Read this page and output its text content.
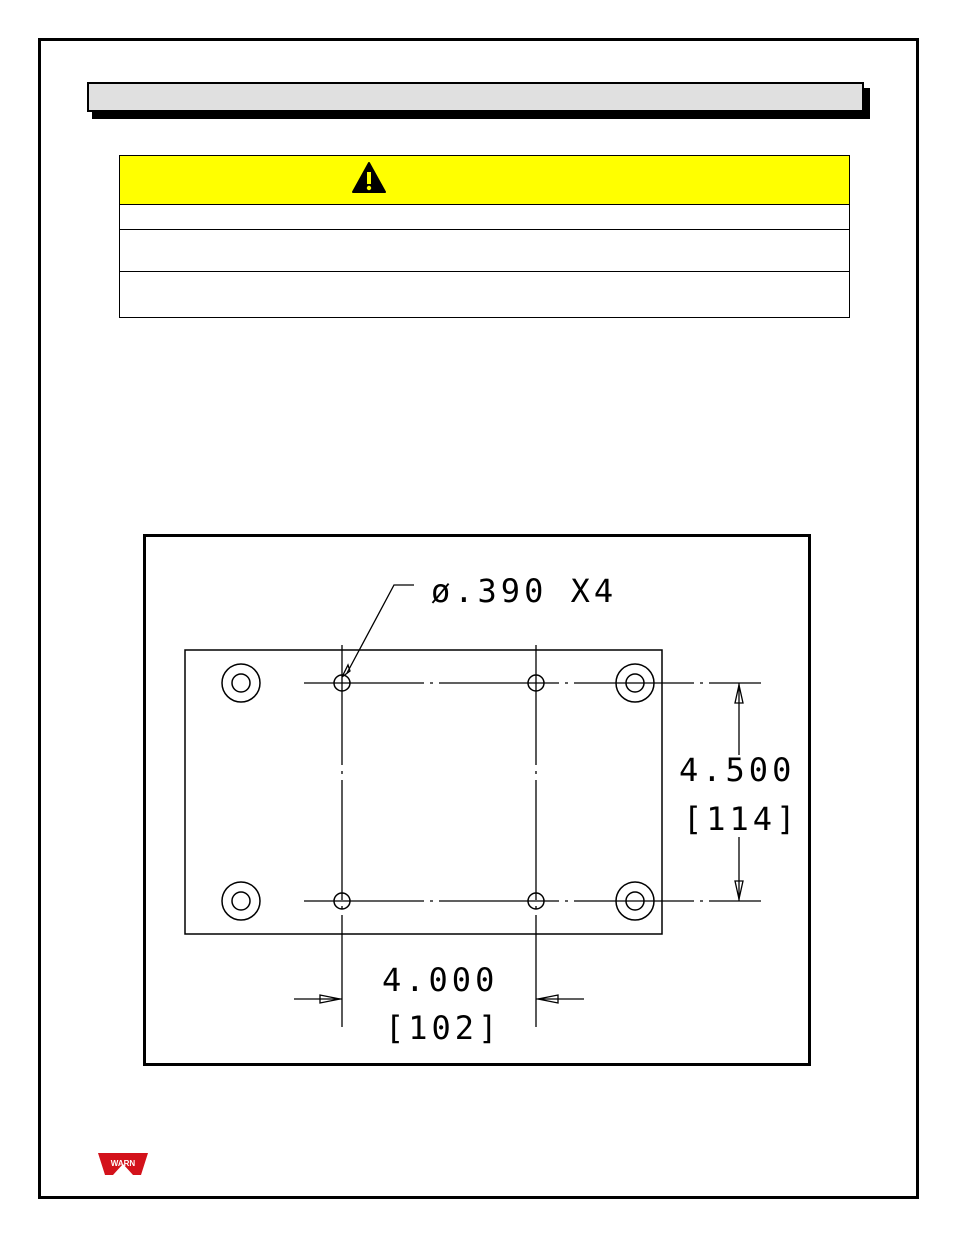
ø.390 X4
4.500
[114]
4.000
[102]
WARN
